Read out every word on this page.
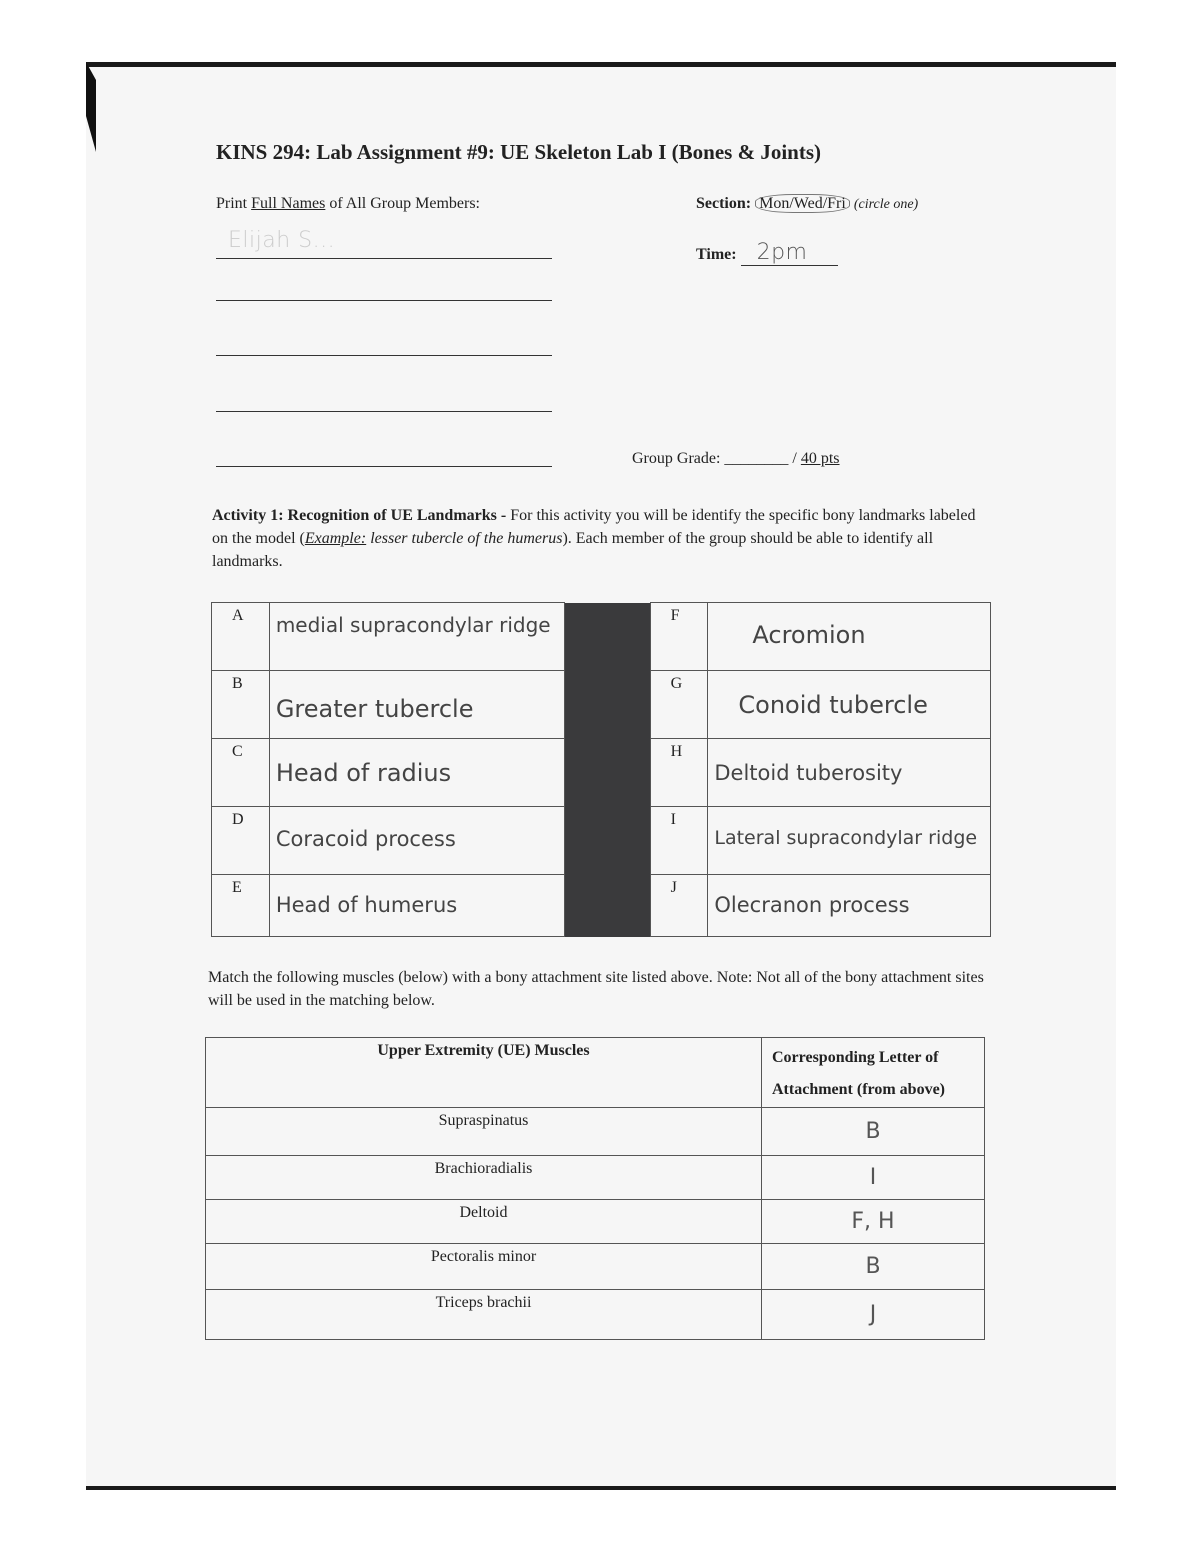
KINS 294: Lab Assignment #9: UE Skeleton Lab I (Bones & Joints)
Print Full Names of All Group Members:	Section: Mon/Wed/Fri (circle one)
Time: 2pm
Elijah S...
Group Grade: ________ / 40 pts
Activity 1: Recognition of UE Landmarks - For this activity you will be identify the specific bony landmarks labeled on the model (Example: lesser tubercle of the humerus). Each member of the group should be able to identify all landmarks.
A	medial supracondylar ridge		F	Acromion
B	Greater tubercle		G	Conoid tubercle
C	Head of radius		H	Deltoid tuberosity
D	Coracoid process		I	Lateral supracondylar ridge
E	Head of humerus		J	Olecranon process
Match the following muscles (below) with a bony attachment site listed above. Note: Not all of the bony attachment sites will be used in the matching below.
Upper Extremity (UE) Muscles	Corresponding Letter of Attachment (from above)
Supraspinatus	B
Brachioradialis	I
Deltoid	F, H
Pectoralis minor	B
Triceps brachii	J
